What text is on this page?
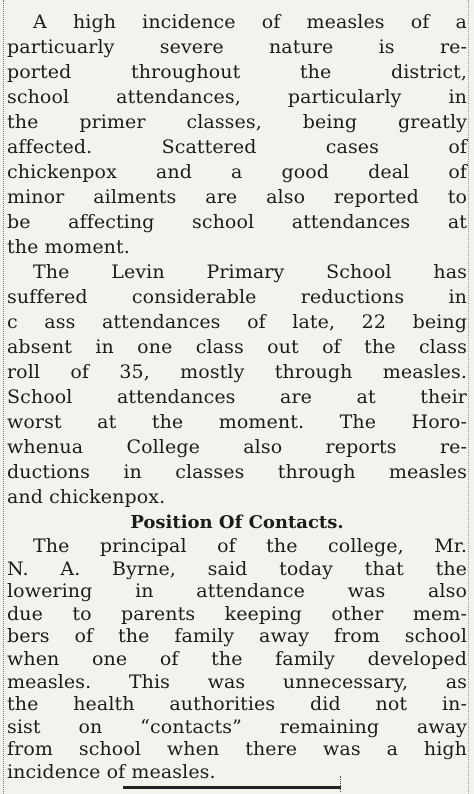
A high incidence of measles of a
particuarly severe nature is re-
ported throughout the district,
school attendances, particularly in
the primer classes, being greatly
affected. Scattered cases of
chickenpox and a good deal of
minor ailments are also reported to
be affecting school attendances at
the moment.
The Levin Primary School has
suffered considerable reductions in
c ass attendances of late, 22 being
absent in one class out of the class
roll of 35, mostly through measles.
School attendances are at their
worst at the moment. The Horo-
whenua College also reports re-
ductions in classes through measles
and chickenpox.
Position Of Contacts.
The principal of the college, Mr.
N. A. Byrne, said today that the
lowering in attendance was also
due to parents keeping other mem-
bers of the family away from school
when one of the family developed
measles. This was unnecessary, as
the health authorities did not in-
sist on “contacts” remaining away
from school when there was a high
incidence of measles.
